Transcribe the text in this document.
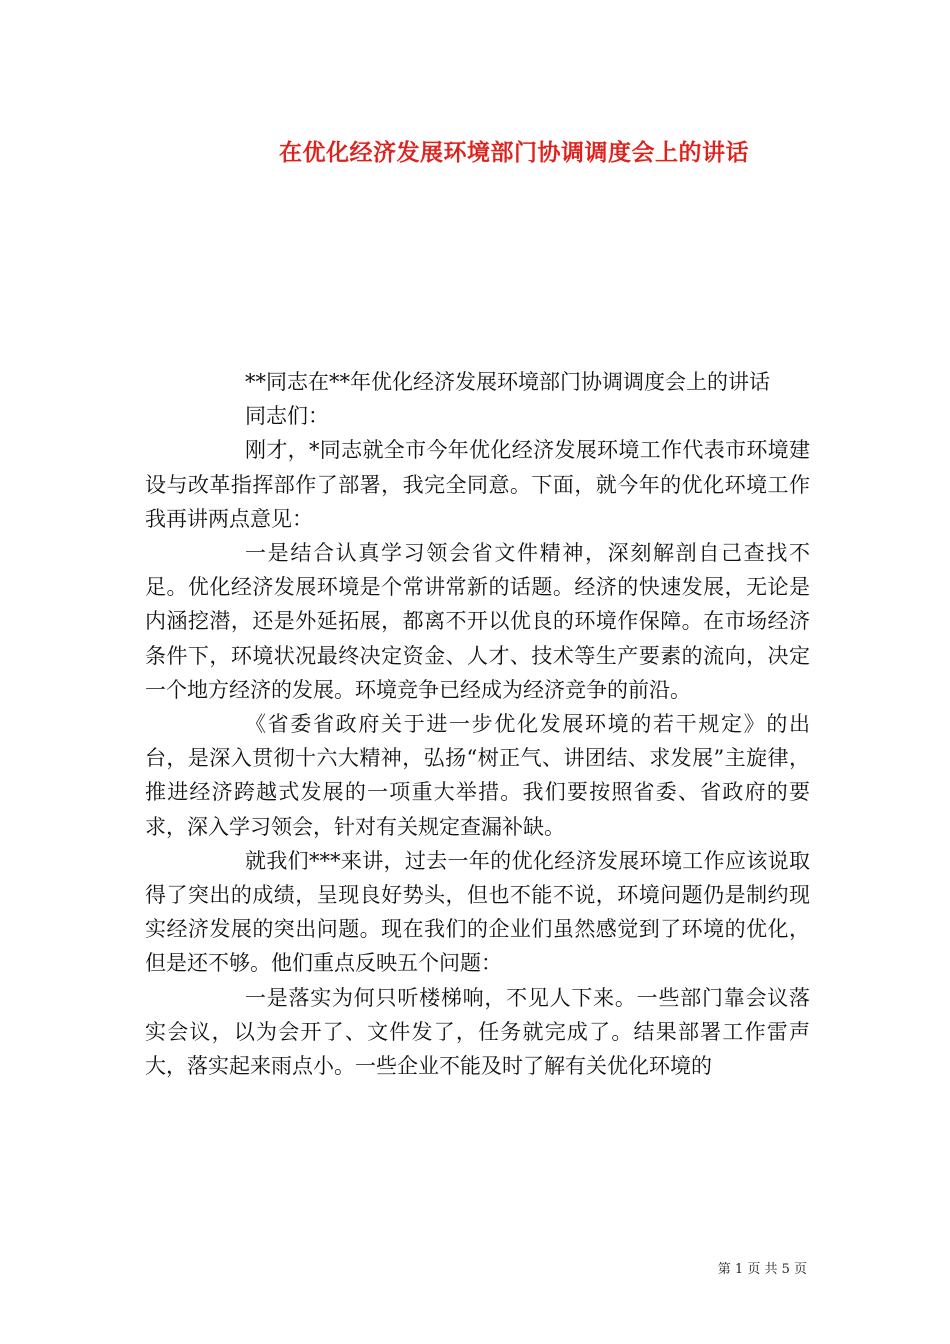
在优化经济发展环境部门协调调度会上的讲话

**同志在**年优化经济发展环境部门协调调度会上的讲话

同志们：

刚才，*同志就全市今年优化经济发展环境工作代表市环境建设与改革指挥部作了部署，我完全同意。下面，就今年的优化环境工作我再讲两点意见：

一是结合认真学习领会省文件精神，深刻解剖自己查找不足。优化经济发展环境是个常讲常新的话题。经济的快速发展，无论是内涵挖潜，还是外延拓展，都离不开以优良的环境作保障。在市场经济条件下，环境状况最终决定资金、人才、技术等生产要素的流向，决定一个地方经济的发展。环境竞争已经成为经济竞争的前沿。

《省委省政府关于进一步优化发展环境的若干规定》的出台，是深入贯彻十六大精神，弘扬“树正气、讲团结、求发展”主旋律，推进经济跨越式发展的一项重大举措。我们要按照省委、省政府的要求，深入学习领会，针对有关规定查漏补缺。

就我们***来讲，过去一年的优化经济发展环境工作应该说取得了突出的成绩，呈现良好势头，但也不能不说，环境问题仍是制约现实经济发展的突出问题。现在我们的企业们虽然感觉到了环境的优化，但是还不够。他们重点反映五个问题：

一是落实为何只听楼梯响，不见人下来。一些部门靠会议落实会议，以为会开了、文件发了，任务就完成了。结果部署工作雷声大，落实起来雨点小。一些企业不能及时了解有关优化环境的

第 1 页 共 5 页
